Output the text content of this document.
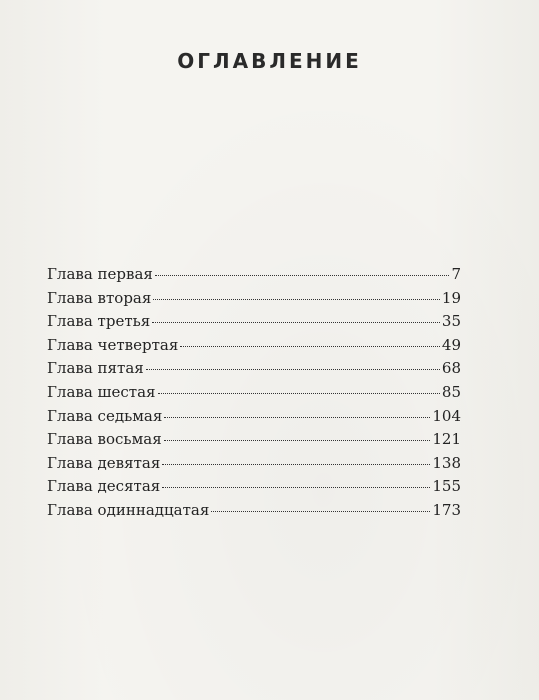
ОГЛАВЛЕНИЕ
Глава первая	7
Глава вторая	19
Глава третья	35
Глава четвертая	49
Глава пятая	68
Глава шестая	85
Глава седьмая	104
Глава восьмая	121
Глава девятая	138
Глава десятая	155
Глава одиннадцатая	173
